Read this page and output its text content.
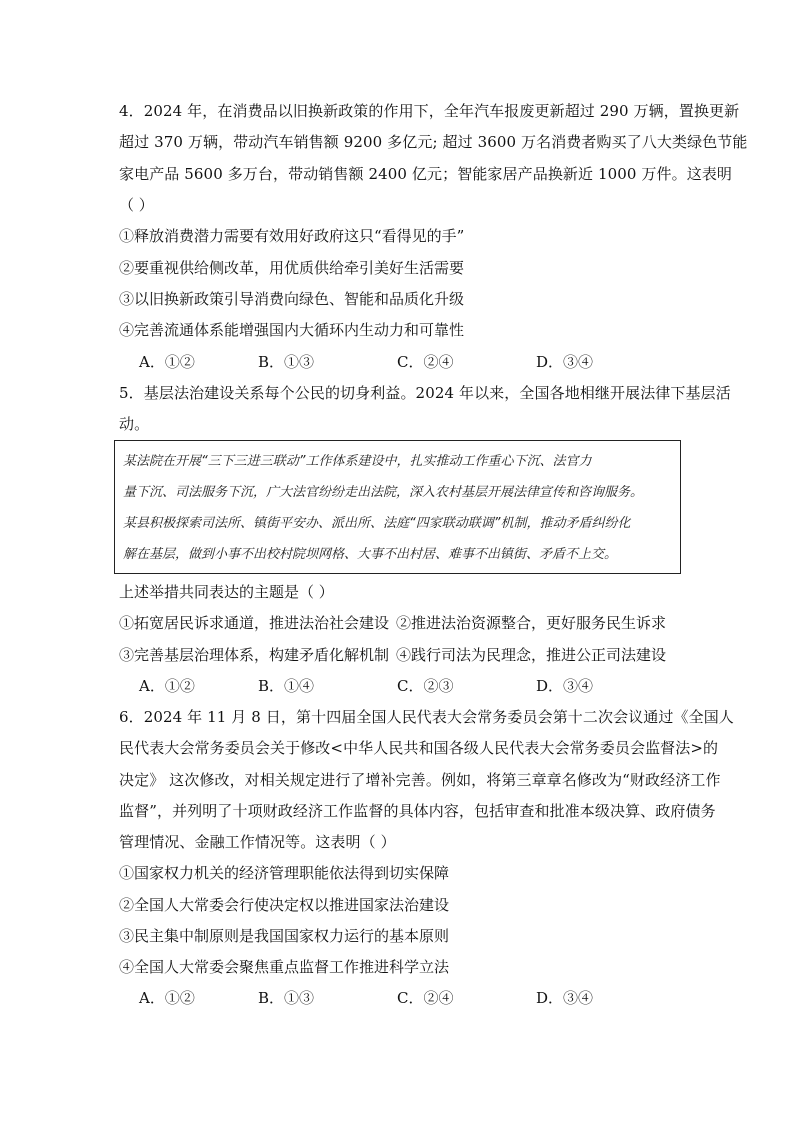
4．2024 年，在消费品以旧换新政策的作用下，全年汽车报废更新超过 290 万辆，置换更新
超过 370 万辆，带动汽车销售额 9200 多亿元; 超过 3600 万名消费者购买了八大类绿色节能
家电产品 5600 多万台，带动销售额 2400 亿元；智能家居产品换新近 1000 万件。这表明
（ ）
①释放消费潜力需要有效用好政府这只“看得见的手”
②要重视供给侧改革，用优质供给牵引美好生活需要
③以旧换新政策引导消费向绿色、智能和品质化升级
④完善流通体系能增强国内大循环内生动力和可靠性
A．①②	B．①③	C．②④	D．③④
5．基层法治建设关系每个公民的切身利益。2024 年以来，全国各地相继开展法律下基层活
动。
某法院在开展“三下三进三联动”工作体系建设中，扎实推动工作重心下沉、法官力
量下沉、司法服务下沉，广大法官纷纷走出法院，深入农村基层开展法律宣传和咨询服务。
某县积极探索司法所、镇街平安办、派出所、法庭“四家联动联调”机制，推动矛盾纠纷化
解在基层，做到小事不出校村院坝网格、大事不出村居、难事不出镇街、矛盾不上交。
上述举措共同表达的主题是（ ）
①拓宽居民诉求通道，推进法治社会建设 ②推进法治资源整合，更好服务民生诉求
③完善基层治理体系，构建矛盾化解机制 ④践行司法为民理念，推进公正司法建设
A．①②	B．①④	C．②③	D．③④
6．2024 年 11 月 8 日，第十四届全国人民代表大会常务委员会第十二次会议通过《全国人
民代表大会常务委员会关于修改<中华人民共和国各级人民代表大会常务委员会监督法>的
决定》 这次修改，对相关规定进行了增补完善。例如，将第三章章名修改为“财政经济工作
监督”，并列明了十项财政经济工作监督的具体内容，包括审查和批准本级决算、政府债务
管理情况、金融工作情况等。这表明（ ）
①国家权力机关的经济管理职能依法得到切实保障
②全国人大常委会行使决定权以推进国家法治建设
③民主集中制原则是我国国家权力运行的基本原则
④全国人大常委会聚焦重点监督工作推进科学立法
A．①②	B．①③	C．②④	D．③④
